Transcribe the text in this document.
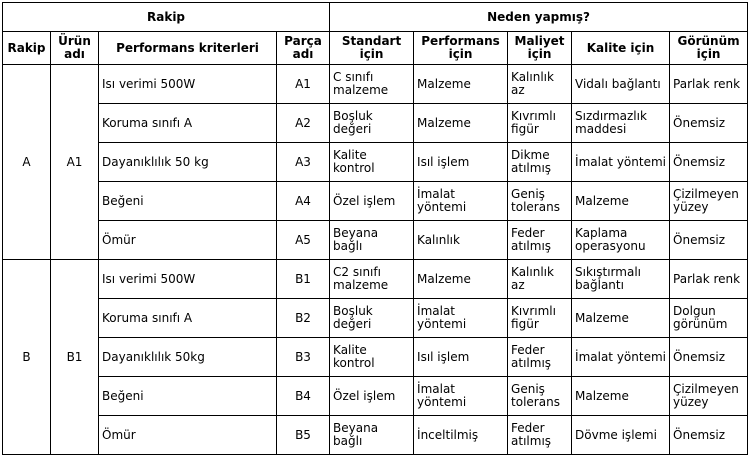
Rakip				Neden yapmış?				
Rakip	Ürün adı	Performans kriterleri	Parça adı	Standart için	Performans için	Maliyet için	Kalite için	Görünüm için
A	A1	Isı verimi 500W	A1	C sınıfı malzeme	Malzeme	Kalınlık az	Vidalı bağlantı	Parlak renk
		Koruma sınıfı A	A2	Boşluk değeri	Malzeme	Kıvrımlı figür	Sızdırmazlık maddesi	Önemsiz
		Dayanıklılık 50 kg	A3	Kalite kontrol	Isıl işlem	Dikme atılmış	İmalat yöntemi	Önemsiz
		Beğeni	A4	Özel işlem	İmalat yöntemi	Geniş tolerans	Malzeme	Çizilmeyen yüzey
		Ömür	A5	Beyana bağlı	Kalınlık	Feder atılmış	Kaplama operasyonu	Önemsiz
B	B1	Isı verimi 500W	B1	C2 sınıfı malzeme	Malzeme	Kalınlık az	Sıkıştırmalı bağlantı	Parlak renk
		Koruma sınıfı A	B2	Boşluk değeri	İmalat yöntemi	Kıvrımlı figür	Malzeme	Dolgun görünüm
		Dayanıklılık 50kg	B3	Kalite kontrol	Isıl işlem	Feder atılmış	İmalat yöntemi	Önemsiz
		Beğeni	B4	Özel işlem	İmalat yöntemi	Geniş tolerans	Malzeme	Çizilmeyen yüzey
		Ömür	B5	Beyana bağlı	İnceltilmiş	Feder atılmış	Dövme işlemi	Önemsiz
